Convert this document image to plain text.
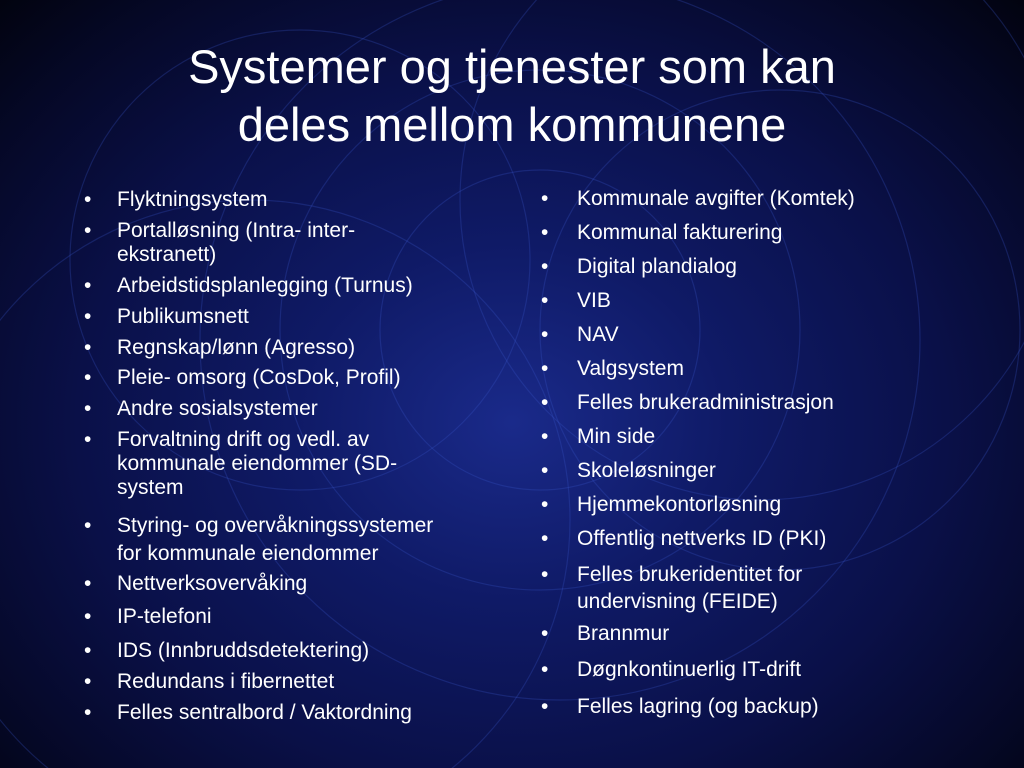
Systemer og tjenester som kan
deles mellom kommunene
•	Flyktningsystem
•	Portalløsning (Intra- inter-
ekstranett)
•	Arbeidstidsplanlegging (Turnus)
•	Publikumsnett
•	Regnskap/lønn (Agresso)
•	Pleie- omsorg (CosDok, Profil)
•	Andre sosialsystemer
•	Forvaltning drift og vedl. av
kommunale eiendommer (SD-
system
•	Styring- og overvåkningssystemer
for kommunale eiendommer
•	Nettverksovervåking
•	IP-telefoni
•	IDS (Innbruddsdetektering)
•	Redundans i fibernettet
•	Felles sentralbord / Vaktordning
•	Kommunale avgifter (Komtek)
•	Kommunal fakturering
•	Digital plandialog
•	VIB
•	NAV
•	Valgsystem
•	Felles brukeradministrasjon
•	Min side
•	Skoleløsninger
•	Hjemmekontorløsning
•	Offentlig nettverks ID (PKI)
•	Felles brukeridentitet for
undervisning (FEIDE)
•	Brannmur
•	Døgnkontinuerlig IT-drift
•	Felles lagring (og backup)
